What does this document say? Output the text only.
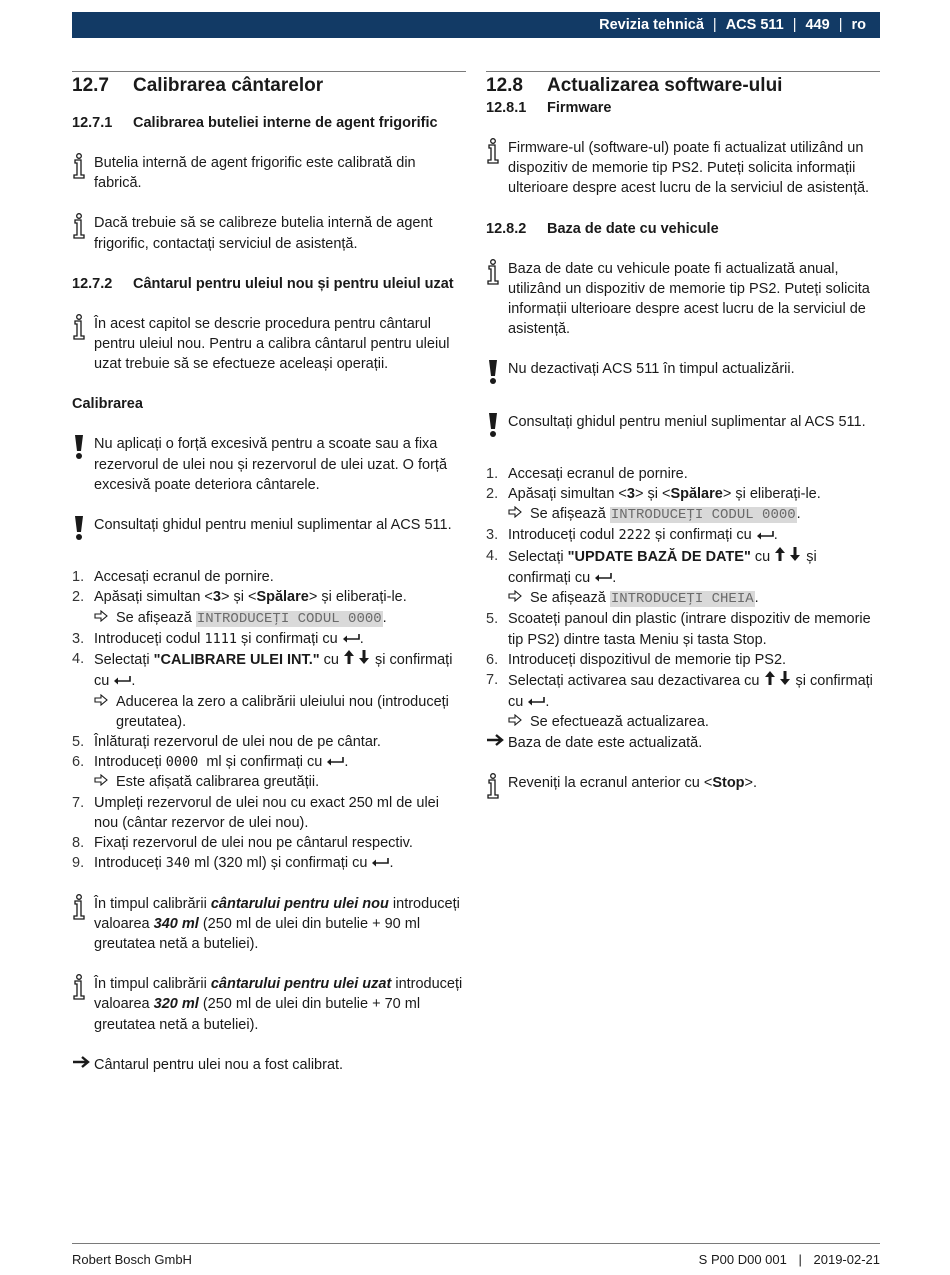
Revizia tehnică | ACS 511 | 449 | ro
12.7	Calibrarea cântarelor
12.7.1	Calibrarea buteliei interne de agent frigorific
Butelia internă de agent frigorific este calibrată din fabrică.
Dacă trebuie să se calibreze butelia internă de agent frigorific, contactați serviciul de asistență.
12.7.2	Cântarul pentru uleiul nou și pentru uleiul uzat
În acest capitol se descrie procedura pentru cântarul pentru uleiul nou. Pentru a calibra cântarul pentru uleiul uzat trebuie să se efectueze aceleași operații.
Calibrarea
Nu aplicați o forță excesivă pentru a scoate sau a fixa rezervorul de ulei nou și rezervorul de ulei uzat. O forță excesivă poate deteriora cântarele.
Consultați ghidul pentru meniul suplimentar al ACS 511.
1. Accesați ecranul de pornire.
2. Apăsați simultan <3> și <Spălare> și eliberați-le.
Se afișează INTRODUCEŢI CODUL 0000.
3. Introduceți codul 1111 și confirmați cu .
4. Selectați "CALIBRARE ULEI INT." cu  și confirmați cu .
Aducerea la zero a calibrării uleiului nou (introduceți greutatea).
5. Înlăturați rezervorul de ulei nou de pe cântar.
6. Introduceți 0000  ml și confirmați cu .
Este afișată calibrarea greutății.
7. Umpleți rezervorul de ulei nou cu exact 250 ml de ulei nou (cântar rezervor de ulei nou).
8. Fixați rezervorul de ulei nou pe cântarul respectiv.
9. Introduceți 340 ml (320 ml) și confirmați cu .
În timpul calibrării cântarului pentru ulei nou introduceți valoarea 340 ml (250 ml de ulei din butelie + 90 ml greutatea netă a buteliei).
În timpul calibrării cântarului pentru ulei uzat introduceți valoarea 320 ml (250 ml de ulei din butelie + 70 ml greutatea netă a buteliei).
Cântarul pentru ulei nou a fost calibrat.
12.8	Actualizarea software-ului
12.8.1	Firmware
Firmware-ul (software-ul) poate fi actualizat utilizând un dispozitiv de memorie tip PS2. Puteți solicita informații ulterioare despre acest lucru de la serviciul de asistență.
12.8.2	Baza de date cu vehicule
Baza de date cu vehicule poate fi actualizată anual, utilizând un dispozitiv de memorie tip PS2. Puteți solicita informații ulterioare despre acest lucru de la serviciul de asistență.
Nu dezactivați ACS 511 în timpul actualizării.
Consultați ghidul pentru meniul suplimentar al ACS 511.
1. Accesați ecranul de pornire.
2. Apăsați simultan <3> și <Spălare> și eliberați-le.
Se afișează INTRODUCEŢI CODUL 0000.
3. Introduceți codul 2222 și confirmați cu .
4. Selectați "UPDATE BAZĂ DE DATE" cu  și confirmați cu .
Se afișează INTRODUCEŢI CHEIA.
5. Scoateți panoul din plastic (intrare dispozitiv de memorie tip PS2) dintre tasta Meniu și tasta Stop.
6. Introduceți dispozitivul de memorie tip PS2.
7. Selectați activarea sau dezactivarea cu  și confirmați cu .
Se efectuează actualizarea.
Baza de date este actualizată.
Reveniți la ecranul anterior cu <Stop>.
Robert Bosch GmbH	S P00 D00 001 | 2019-02-21
